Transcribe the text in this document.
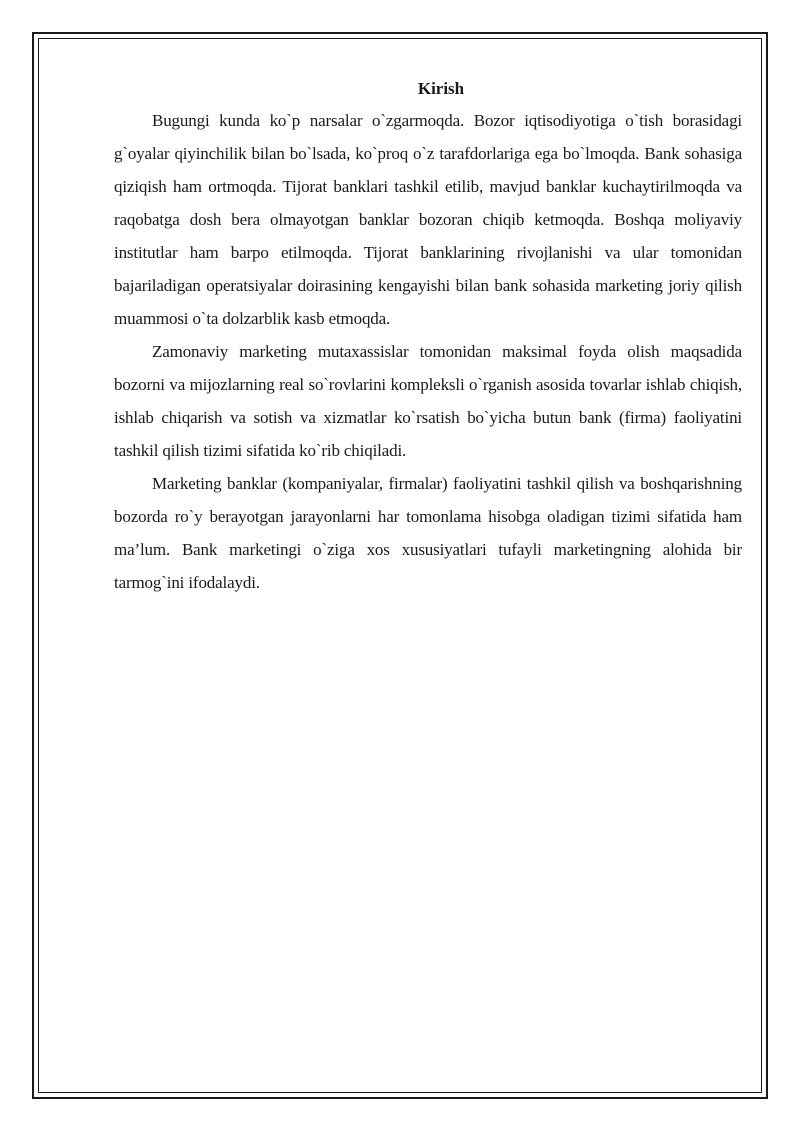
Kirish

Bugungi kunda ko`p narsalar o`zgarmoqda. Bozor iqtisodiyotiga o`tish borasidagi g`oyalar qiyinchilik bilan bo`lsada, ko`proq o`z tarafdorlariga ega bo`lmoqda. Bank sohasiga qiziqish ham ortmoqda. Tijorat banklari tashkil etilib, mavjud banklar kuchaytirilmoqda va raqobatga dosh bera olmayotgan banklar bozoran chiqib ketmoqda. Boshqa moliyaviy institutlar ham barpo etilmoqda. Tijorat banklarining rivojlanishi va ular tomonidan bajariladigan operatsiyalar doirasining kengayishi bilan bank sohasida marketing joriy qilish muammosi o`ta dolzarblik kasb etmoqda.

Zamonaviy marketing mutaxassislar tomonidan maksimal foyda olish maqsadida bozorni va mijozlarning real so`rovlarini kompleksli o`rganish asosida tovarlar ishlab chiqish, ishlab chiqarish va sotish va xizmatlar ko`rsatish bo`yicha butun bank (firma) faoliyatini tashkil qilish tizimi sifatida ko`rib chiqiladi.

Marketing banklar (kompaniyalar, firmalar) faoliyatini tashkil qilish va boshqarishning bozorda ro`y berayotgan jarayonlarni har tomonlama hisobga oladigan tizimi sifatida ham ma’lum. Bank marketingi o`ziga xos xususiyatlari tufayli marketingning alohida bir tarmog`ini ifodalaydi.
